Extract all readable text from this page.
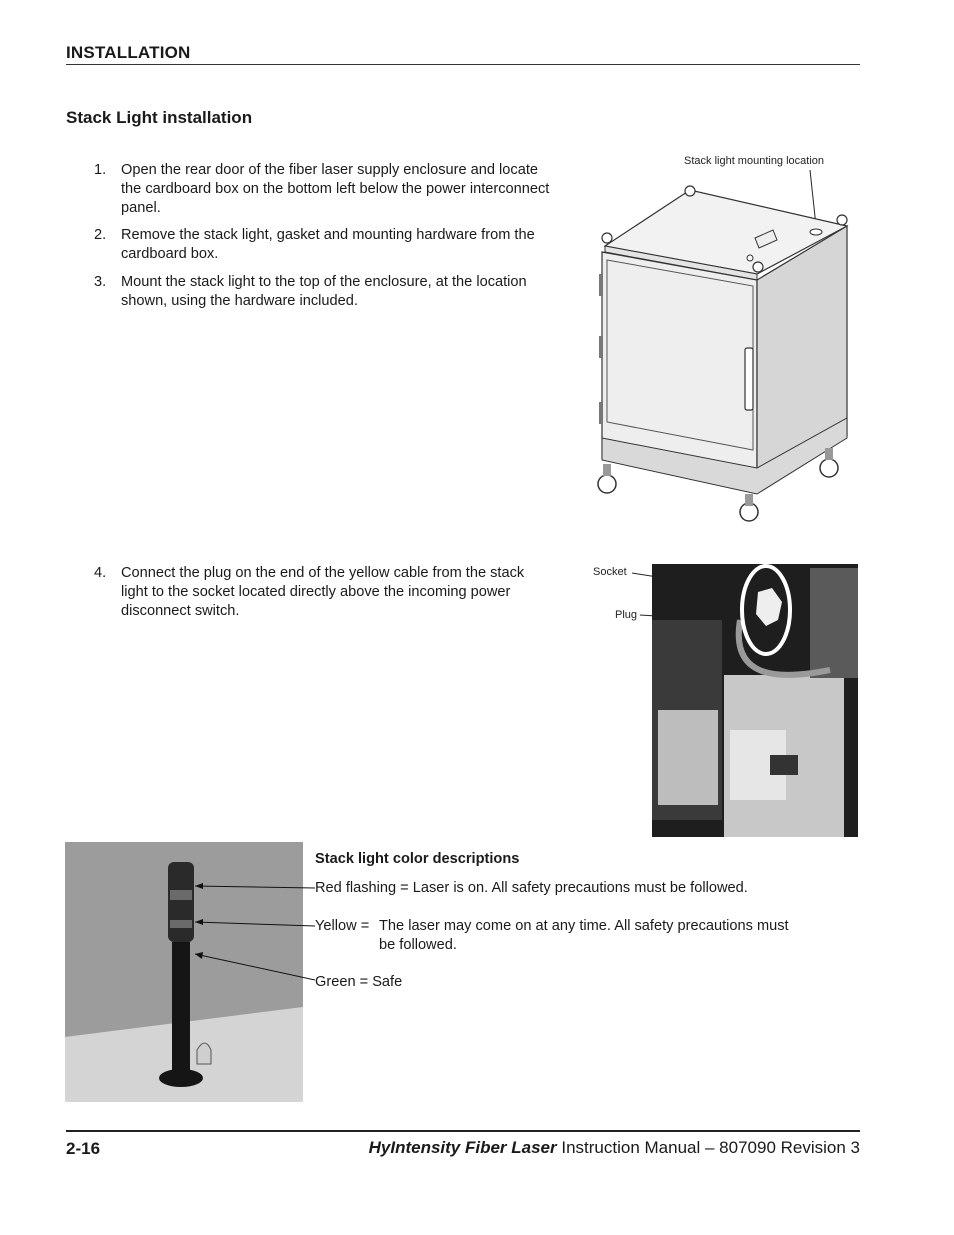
INSTALLATION
Stack Light installation
1. Open the rear door of the fiber laser supply enclosure and locate the cardboard box on the bottom left below the power interconnect panel.
2. Remove the stack light, gasket and mounting hardware from the cardboard box.
3. Mount the stack light to the top of the enclosure, at the location shown, using the hardware included.
Stack light mounting location
4. Connect the plug on the end of the yellow cable from the stack light to the socket located directly above the incoming power disconnect switch.
Socket
Plug
Stack light color descriptions
Red flashing = Laser is on. All safety precautions must be followed.
Yellow = The laser may come on at any time. All safety precautions must
be followed.
Green = Safe
2-16	HyIntensity Fiber Laser Instruction Manual – 807090 Revision 3
